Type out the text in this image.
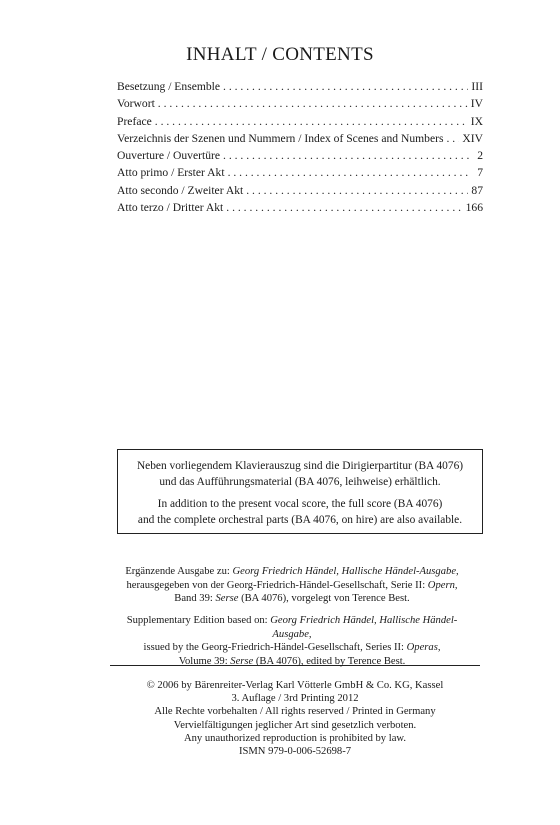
INHALT / CONTENTS
Besetzung / Ensemble . . .	III
Vorwort . . .	IV
Preface . . .	IX
Verzeichnis der Szenen und Nummern / Index of Scenes and Numbers . . . XIV
Ouverture / Ouvertüre . . .	2
Atto primo / Erster Akt . . .	7
Atto secondo / Zweiter Akt . . .	87
Atto terzo / Dritter Akt . . .	166

Neben vorliegendem Klavierauszug sind die Dirigierpartitur (BA 4076)
und das Aufführungsmaterial (BA 4076, leihweise) erhältlich.

In addition to the present vocal score, the full score (BA 4076)
and the complete orchestral parts (BA 4076, on hire) are also available.

Ergänzende Ausgabe zu: Georg Friedrich Händel, Hallische Händel-Ausgabe,
herausgegeben von der Georg-Friedrich-Händel-Gesellschaft, Serie II: Opern,
Band 39: Serse (BA 4076), vorgelegt von Terence Best.
Supplementary Edition based on: Georg Friedrich Händel, Hallische Händel-Ausgabe,
issued by the Georg-Friedrich-Händel-Gesellschaft, Series II: Operas,
Volume 39: Serse (BA 4076), edited by Terence Best.
© 2006 by Bärenreiter-Verlag Karl Vötterle GmbH & Co. KG, Kassel
3. Auflage / 3rd Printing 2012
Alle Rechte vorbehalten / All rights reserved / Printed in Germany
Vervielfältigungen jeglicher Art sind gesetzlich verboten.
Any unauthorized reproduction is prohibited by law.
ISMN 979-0-006-52698-7
